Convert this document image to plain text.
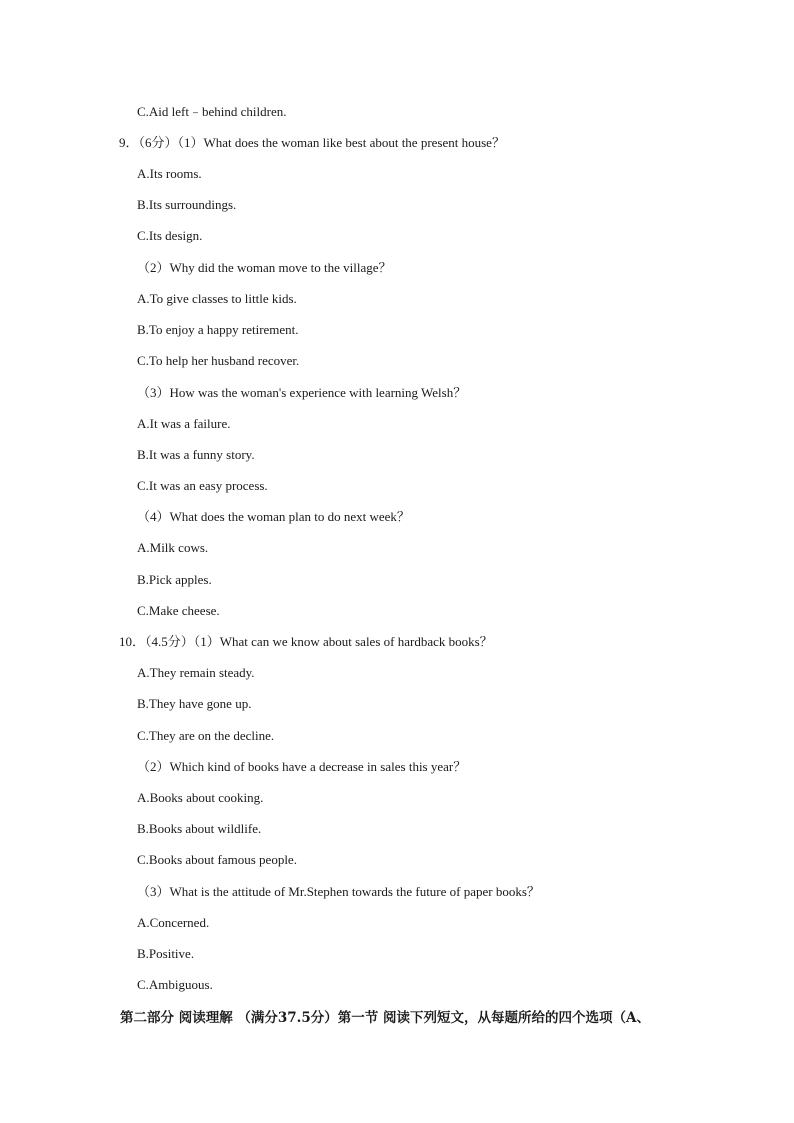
C.Aid left﹣behind children.
9．（6分）（1）What does the woman like best about the present house？
A.Its rooms.
B.Its surroundings.
C.Its design.
（2）Why did the woman move to the village？
A.To give classes to little kids.
B.To enjoy a happy retirement.
C.To help her husband recover.
（3）How was the woman's experience with learning Welsh？
A.It was a failure.
B.It was a funny story.
C.It was an easy process.
（4）What does the woman plan to do next week？
A.Milk cows.
B.Pick apples.
C.Make cheese.
10．（4.5分）（1）What can we know about sales of hardback books？
A.They remain steady.
B.They have gone up.
C.They are on the decline.
（2）Which kind of books have a decrease in sales this year？
A.Books about cooking.
B.Books about wildlife.
C.Books about famous people.
（3）What is the attitude of Mr.Stephen towards the future of paper books？
A.Concerned.
B.Positive.
C.Ambiguous.
第二部分 阅读理解 （满分37.5分）第一节 阅读下列短文，从每题所给的四个选项（A、
